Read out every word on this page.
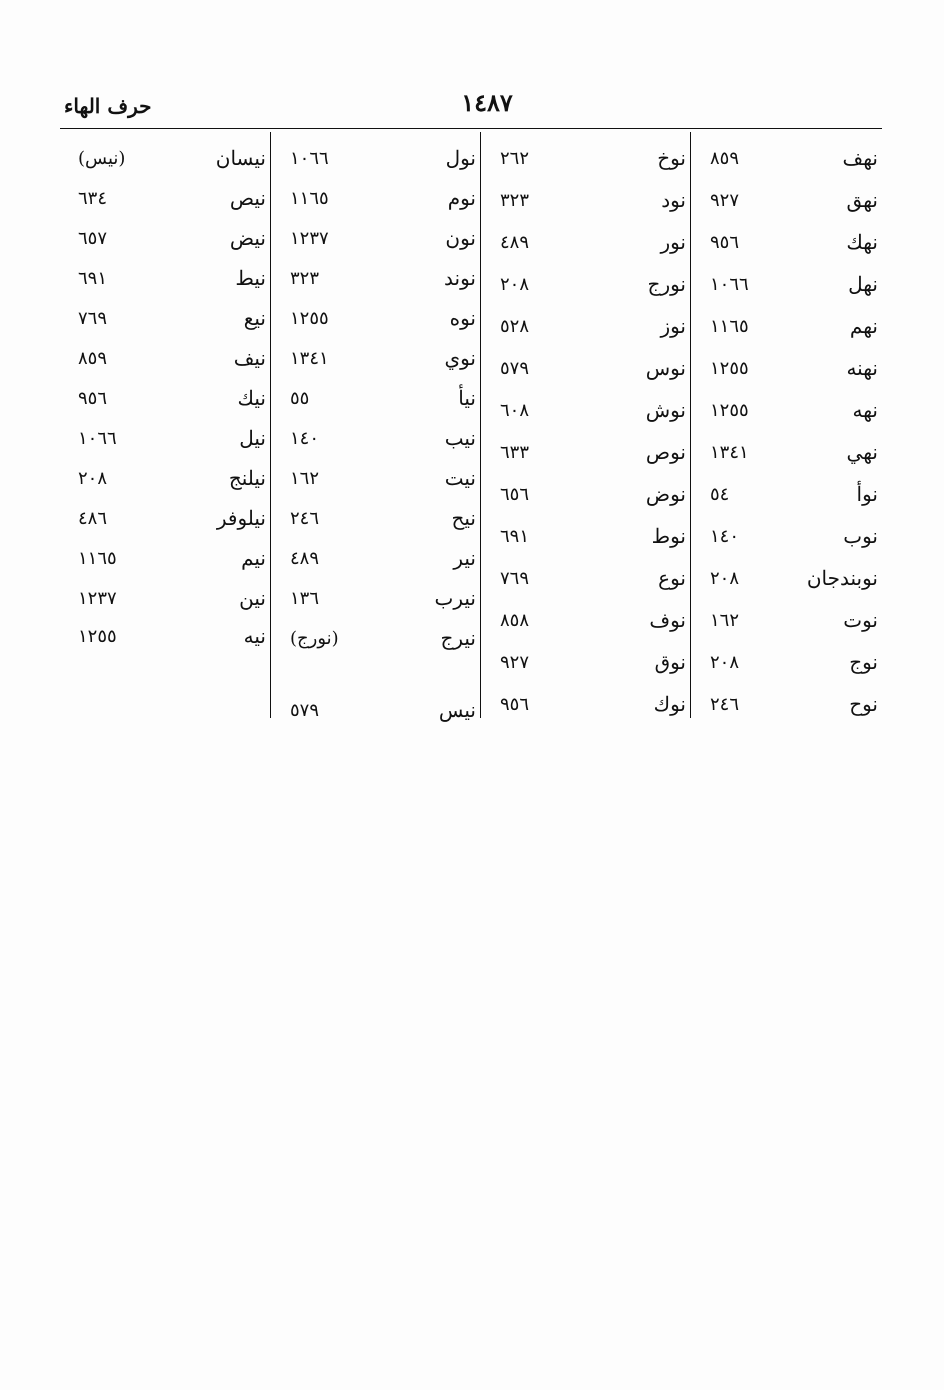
حرف الهاء	١٤٨٧
نهف
٨٥٩
نهق
٩٢٧
نهك
٩٥٦
نهل
١٠٦٦
نهم
١١٦٥
نهنه
١٢٥٥
نهه
١٢٥٥
نهي
١٣٤١
نوأ
٥٤
نوب
١٤٠
نوبندجان
٢٠٨
نوت
١٦٢
نوج
٢٠٨
نوح
٢٤٦
نوخ
٢٦٢
نود
٣٢٣
نور
٤٨٩
نورج
٢٠٨
نوز
٥٢٨
نوس
٥٧٩
نوش
٦٠٨
نوص
٦٣٣
نوض
٦٥٦
نوط
٦٩١
نوع
٧٦٩
نوف
٨٥٨
نوق
٩٢٧
نوك
٩٥٦
نول
١٠٦٦
نوم
١١٦٥
نون
١٢٣٧
نوند
٣٢٣
نوه
١٢٥٥
نوي
١٣٤١
نيأ
٥٥
نيب
١٤٠
نيت
١٦٢
نيح
٢٤٦
نير
٤٨٩
نيرب
١٣٦
نيرج
(نورج)
نيس
٥٧٩
نيسان
(نيس)
نيص
٦٣٤
نيض
٦٥٧
نيط
٦٩١
نيع
٧٦٩
نيف
٨٥٩
نيك
٩٥٦
نيل
١٠٦٦
نيلنج
٢٠٨
نيلوفر
٤٨٦
نيم
١١٦٥
نين
١٢٣٧
نيه
١٢٥٥
